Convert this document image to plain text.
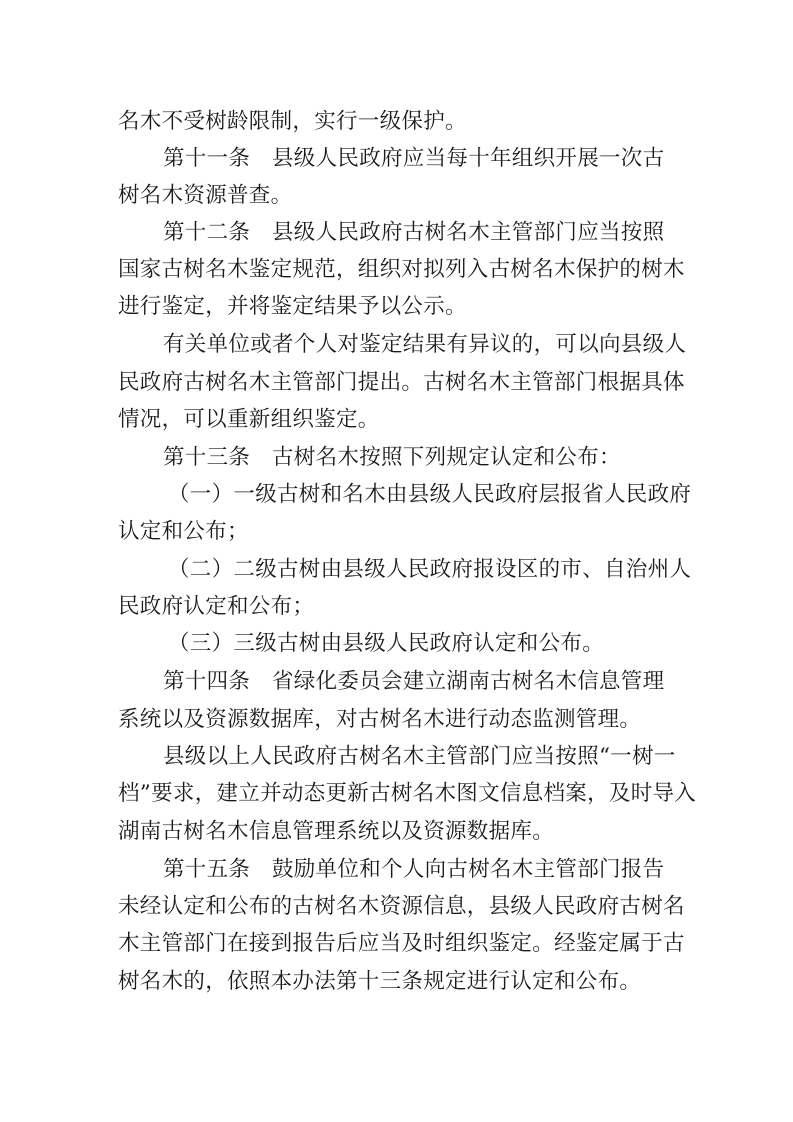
名木不受树龄限制，实行一级保护。
第十一条　县级人民政府应当每十年组织开展一次古
树名木资源普查。
第十二条　县级人民政府古树名木主管部门应当按照
国家古树名木鉴定规范，组织对拟列入古树名木保护的树木
进行鉴定，并将鉴定结果予以公示。
有关单位或者个人对鉴定结果有异议的，可以向县级人
民政府古树名木主管部门提出。古树名木主管部门根据具体
情况，可以重新组织鉴定。
第十三条　古树名木按照下列规定认定和公布：
（一）一级古树和名木由县级人民政府层报省人民政府
认定和公布；
（二）二级古树由县级人民政府报设区的市、自治州人
民政府认定和公布；
（三）三级古树由县级人民政府认定和公布。
第十四条　省绿化委员会建立湖南古树名木信息管理
系统以及资源数据库，对古树名木进行动态监测管理。
县级以上人民政府古树名木主管部门应当按照“一树一
档”要求，建立并动态更新古树名木图文信息档案，及时导入
湖南古树名木信息管理系统以及资源数据库。
第十五条　鼓励单位和个人向古树名木主管部门报告
未经认定和公布的古树名木资源信息，县级人民政府古树名
木主管部门在接到报告后应当及时组织鉴定。经鉴定属于古
树名木的，依照本办法第十三条规定进行认定和公布。
